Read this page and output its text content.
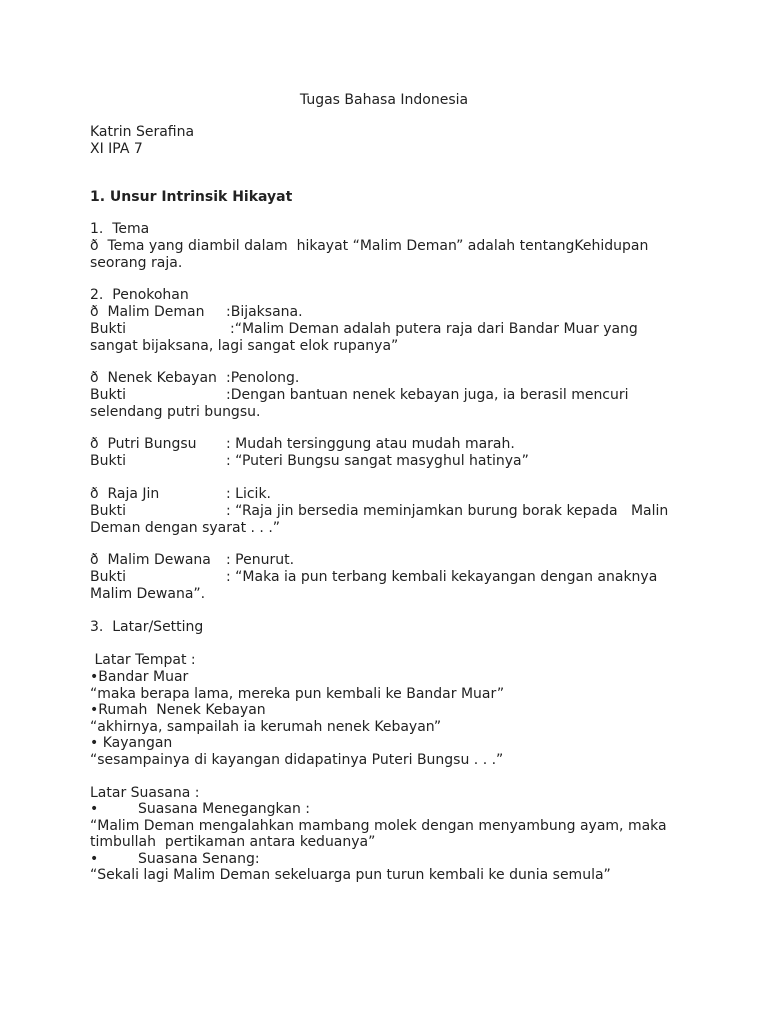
Tugas Bahasa Indonesia
Katrin Serafina
XI IPA 7
1. Unsur Intrinsik Hikayat
1.  Tema
ð  Tema yang diambil dalam  hikayat “Malim Deman” adalah tentangKehidupan
seorang raja.
2.  Penokohan
ð  Malim Deman :Bijaksana.
Bukti	:“Malim Deman adalah putera raja dari Bandar Muar yang
sangat bijaksana, lagi sangat elok rupanya”
ð  Nenek Kebayan :Penolong.
Bukti	:Dengan bantuan nenek kebayan juga, ia berasil mencuri
selendang putri bungsu.
ð  Putri Bungsu : Mudah tersinggung atau mudah marah.
Bukti	: “Puteri Bungsu sangat masyghul hatinya”
ð  Raja Jin	: Licik.
Bukti	: “Raja jin bersedia meminjamkan burung borak kepada   Malin
Deman dengan syarat . . .”
ð  Malim Dewana : Penurut.
Bukti	: “Maka ia pun terbang kembali kekayangan dengan anaknya
Malim Dewana”.
3.  Latar/Setting
Latar Tempat :
•Bandar Muar
“maka berapa lama, mereka pun kembali ke Bandar Muar”
•Rumah  Nenek Kebayan
“akhirnya, sampailah ia kerumah nenek Kebayan”
• Kayangan
“sesampainya di kayangan didapatinya Puteri Bungsu . . .”
Latar Suasana :
•	Suasana Menegangkan :
“Malim Deman mengalahkan mambang molek dengan menyambung ayam, maka
timbullah  pertikaman antara keduanya”
•	Suasana Senang:
“Sekali lagi Malim Deman sekeluarga pun turun kembali ke dunia semula”
